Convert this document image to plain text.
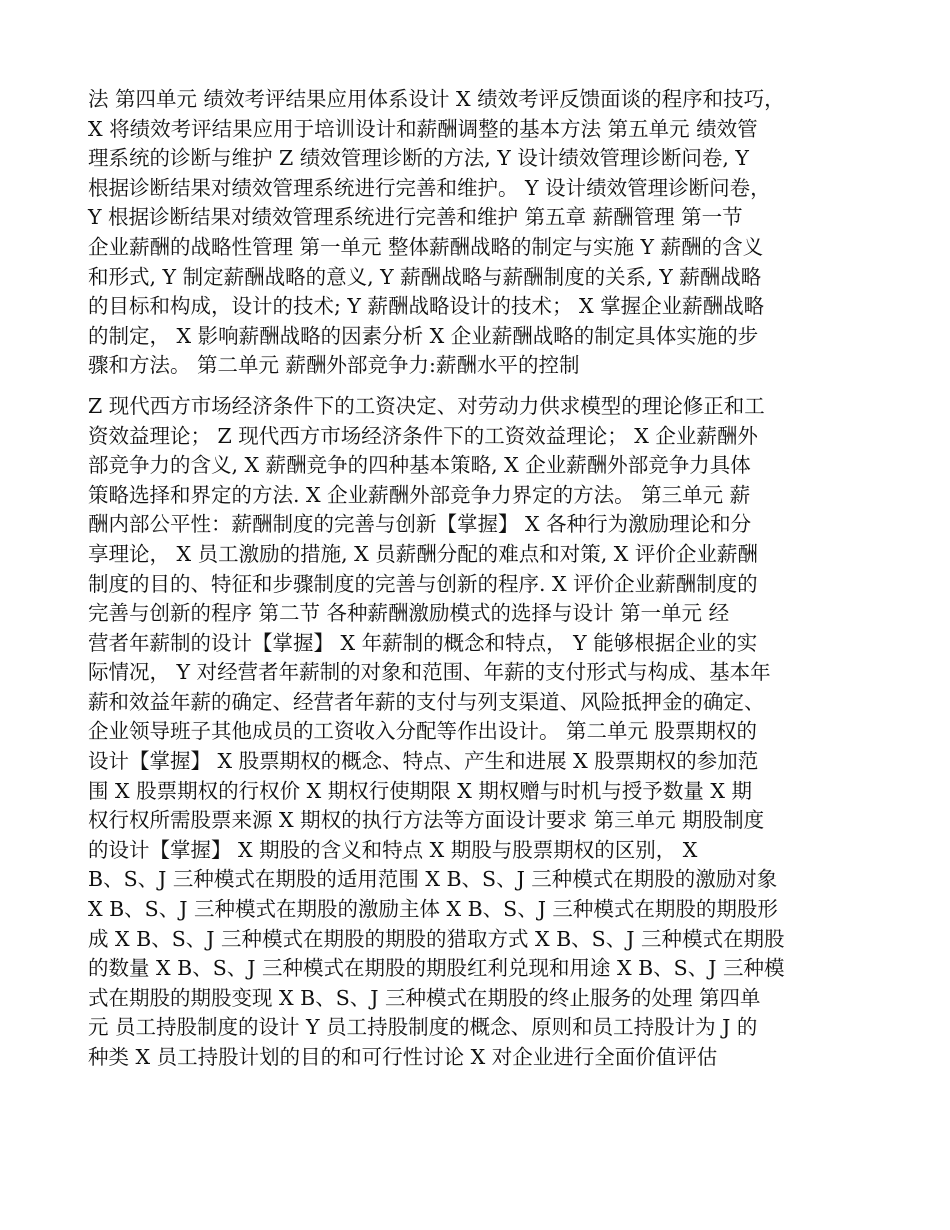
法 第四单元 绩效考评结果应用体系设计 X 绩效考评反馈面谈的程序和技巧，
X 将绩效考评结果应用于培训设计和薪酬调整的基本方法 第五单元 绩效管
理系统的诊断与维护 Z 绩效管理诊断的方法, Y 设计绩效管理诊断问卷, Y
根据诊断结果对绩效管理系统进行完善和维护。 Y 设计绩效管理诊断问卷，
Y 根据诊断结果对绩效管理系统进行完善和维护 第五章 薪酬管理 第一节
企业薪酬的战略性管理 第一单元 整体薪酬战略的制定与实施 Y 薪酬的含义
和形式, Y 制定薪酬战略的意义, Y 薪酬战略与薪酬制度的关系, Y 薪酬战略
的目标和构成，设计的技术; Y 薪酬战略设计的技术； X 掌握企业薪酬战略
的制定， X 影响薪酬战略的因素分析 X 企业薪酬战略的制定具体实施的步
骤和方法。 第二单元 薪酬外部竞争力:薪酬水平的控制
Z 现代西方市场经济条件下的工资决定、对劳动力供求模型的理论修正和工
资效益理论； Z 现代西方市场经济条件下的工资效益理论； X 企业薪酬外
部竞争力的含义, X 薪酬竞争的四种基本策略, X 企业薪酬外部竞争力具体
策略选择和界定的方法. X 企业薪酬外部竞争力界定的方法。 第三单元 薪
酬内部公平性：薪酬制度的完善与创新【掌握】 X 各种行为激励理论和分
享理论， X 员工激励的措施, X 员薪酬分配的难点和对策, X 评价企业薪酬
制度的目的、特征和步骤制度的完善与创新的程序. X 评价企业薪酬制度的
完善与创新的程序 第二节 各种薪酬激励模式的选择与设计 第一单元 经
营者年薪制的设计【掌握】 X 年薪制的概念和特点， Y 能够根据企业的实
际情况， Y 对经营者年薪制的对象和范围、年薪的支付形式与构成、基本年
薪和效益年薪的确定、经营者年薪的支付与列支渠道、风险抵押金的确定、
企业领导班子其他成员的工资收入分配等作出设计。 第二单元 股票期权的
设计【掌握】 X 股票期权的概念、特点、产生和进展 X 股票期权的参加范
围 X 股票期权的行权价 X 期权行使期限 X 期权赠与时机与授予数量 X 期
权行权所需股票来源 X 期权的执行方法等方面设计要求 第三单元 期股制度
的设计【掌握】 X 期股的含义和特点 X 期股与股票期权的区别， X
B、S、J 三种模式在期股的适用范围 X B、S、J 三种模式在期股的激励对象
X B、S、J 三种模式在期股的激励主体 X B、S、J 三种模式在期股的期股形
成 X B、S、J 三种模式在期股的期股的猎取方式 X B、S、J 三种模式在期股
的数量 X B、S、J 三种模式在期股的期股红利兑现和用途 X B、S、J 三种模
式在期股的期股变现 X B、S、J 三种模式在期股的终止服务的处理 第四单
元 员工持股制度的设计 Y 员工持股制度的概念、原则和员工持股计为 J 的
种类 X 员工持股计划的目的和可行性讨论 X 对企业进行全面价值评估
